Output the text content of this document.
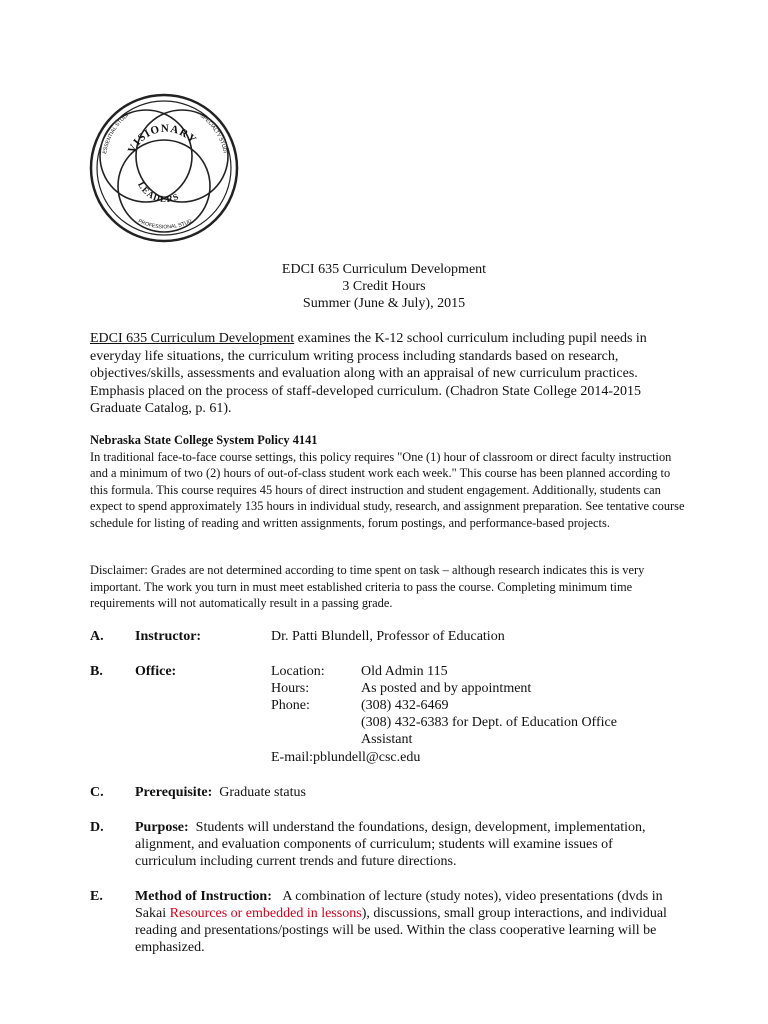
VISIONARY
LEADERS
ESSENTIAL STUDI	SPECIALTY STUDI
PROFESSIONAL STUD
EDCI 635 Curriculum Development
3 Credit Hours
Summer (June & July), 2015
EDCI 635 Curriculum Development examines the K-12 school curriculum including pupil needs in everyday life situations, the curriculum writing process including standards based on research, objectives/skills, assessments and evaluation along with an appraisal of new curriculum practices. Emphasis placed on the process of staff-developed curriculum. (Chadron State College 2014-2015 Graduate Catalog, p. 61).
Nebraska State College System Policy 4141
In traditional face-to-face course settings, this policy requires "One (1) hour of classroom or direct faculty instruction and a minimum of two (2) hours of out-of-class student work each week." This course has been planned according to this formula. This course requires 45 hours of direct instruction and student engagement. Additionally, students can expect to spend approximately 135 hours in individual study, research, and assignment preparation. See tentative course schedule for listing of reading and written assignments, forum postings, and performance-based projects.
Disclaimer: Grades are not determined according to time spent on task – although research indicates this is very important. The work you turn in must meet established criteria to pass the course. Completing minimum time requirements will not automatically result in a passing grade.
A. Instructor:	Dr. Patti Blundell, Professor of Education
B. Office:	Location:	Old Admin 115
Hours:	As posted and by appointment
Phone:	(308) 432-6469
(308) 432-6383 for Dept. of Education Office Assistant
E-mail:pblundell@csc.edu
C. Prerequisite: Graduate status
D. Purpose: Students will understand the foundations, design, development, implementation, alignment, and evaluation components of curriculum; students will examine issues of curriculum including current trends and future directions.
E. Method of Instruction: A combination of lecture (study notes), video presentations (dvds in Sakai Resources or embedded in lessons), discussions, small group interactions, and individual reading and presentations/postings will be used. Within the class cooperative learning will be emphasized.
